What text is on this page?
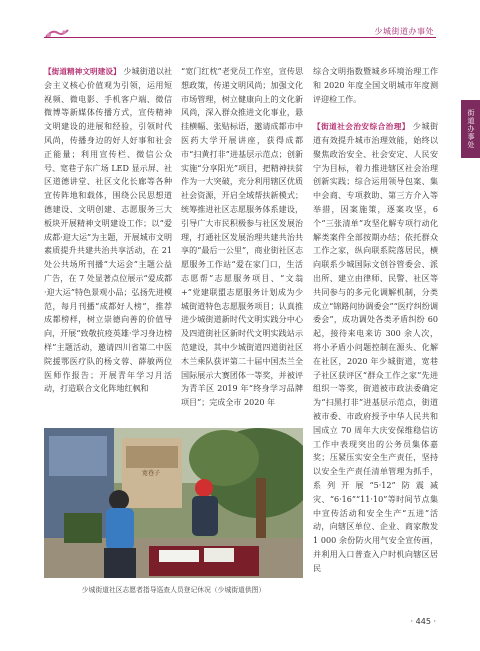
少城街道办事处
街道办事处
【街道精神文明建设】 少城街道以社会主义核心价值观为引领，运用短视频、微电影、手机客户端、微信微博等新媒体传播方式，宣传精神文明建设的进展和经验，引领时代风尚，传播身边的好人好事和社会正能量；利用宣传栏、微信公众号、宽巷子东广场 LED 显示屏、社区道德讲堂、社区文化长廊等各种宣传阵地和载体，围绕公民思想道德建设、文明创建、志愿服务三大板块开展精神文明建设工作；以“爱成都·迎大运”为主题，开展城市文明素质提升共建共治共享活动，在 21 处公共场所刊播“大运会”主题公益广告，在 7 处显著点位展示“爱成都·迎大运”特色景观小品；弘扬先进模范，每月刊播“成都好人榜”，推荐成都榜样，树立崇德向善的价值导向，开展“致敬抗疫英雄·学习身边榜样”主题活动，邀请四川省第二中医院援鄂医疗队的杨文蓉、薛敏两位医师作报告；开展青年学习月活动，打造联合文化阵地红枫和
“宽门红枕”老党员工作室，宣传思想政策，传递文明风尚；加强文化市场管理，树立健康向上的文化新风尚，深入群众推进文化事业，悬挂横幅、张贴标语，邀请成都市中医药大学开展讲座，获得成都市“扫黄打非”进基层示范点；创新实施“分享阳光”项目，把精神扶贫作为一大突破，充分利用辖区优质社会资源，开启全域帮扶新模式；统筹推进社区志愿服务体系建设，引导广大市民积极参与社区发展治理，打通社区发展治理共建共治共享的“最后一公里”，商业街社区志愿服务工作站“爱在家门口，生活志愿帮”志愿服务项目、“文翁+”党建联盟志愿服务计划成为少城街道特色志愿服务项目；认真推进少城街道新时代文明实践分中心及四道街社区新时代文明实践站示范建设，其中少城街道四道街社区木兰乘队获评第二十届中国杰兰全国际展示大赛团体一等奖，并被评为青羊区 2019 年“终身学习品牌项目”；完成全市 2020 年
综合文明指数暨城乡环境治理工作和 2020 年度全国文明城市年度测评迎检工作。
【街道社会治安综合治理】 少城街道有效提升城市治理效能，始终以聚焦政治安全、社会安定、人民安宁为目标，着力推进辖区社会治理创新实践；综合运用领导包案、集中会商、专项救助、第三方介入等举措，因案施策，逐案攻坚，6 个“三张清单”攻坚化解专项行动化解类案件全部按期办结；依托群众工作之家，纵向联系院落居民，横向联系少城国际文创谷管委会、派出所、建立由律师、民警、社区等共同参与的多元化调解机制，分类成立“锦路问协调委会”“医疗纠纷调委会”，成功调处各类矛盾纠纷 60 起，接待来电来访 300 余人次，将小矛盾小问题控制在源头、化解在社区，2020 年少城街道，宽巷子社区获评区“群众工作之家”先进组织一等奖，街道被市政法委确定为“扫黑打非”进基层示范点，街道被市委、市政府授予中华人民共和国成立 70 周年大庆安保维稳信访工作中表现突出的公务员集体嘉奖；压紧压实安全生产责任，坚持以安全生产责任清单管理为抓手，系列开展“5·12”防震减灾、“6·16”“11·10”等时间节点集中宣传活动和安全生产“五进”活动，向辖区单位、企业、商家散发 1 000 余份防火用气安全宣传画，并利用入口普查入户时机向辖区居民
宽巷子
少城街道社区志愿者指导巡查人员登记休况（少城街道供图）
· 445 ·
